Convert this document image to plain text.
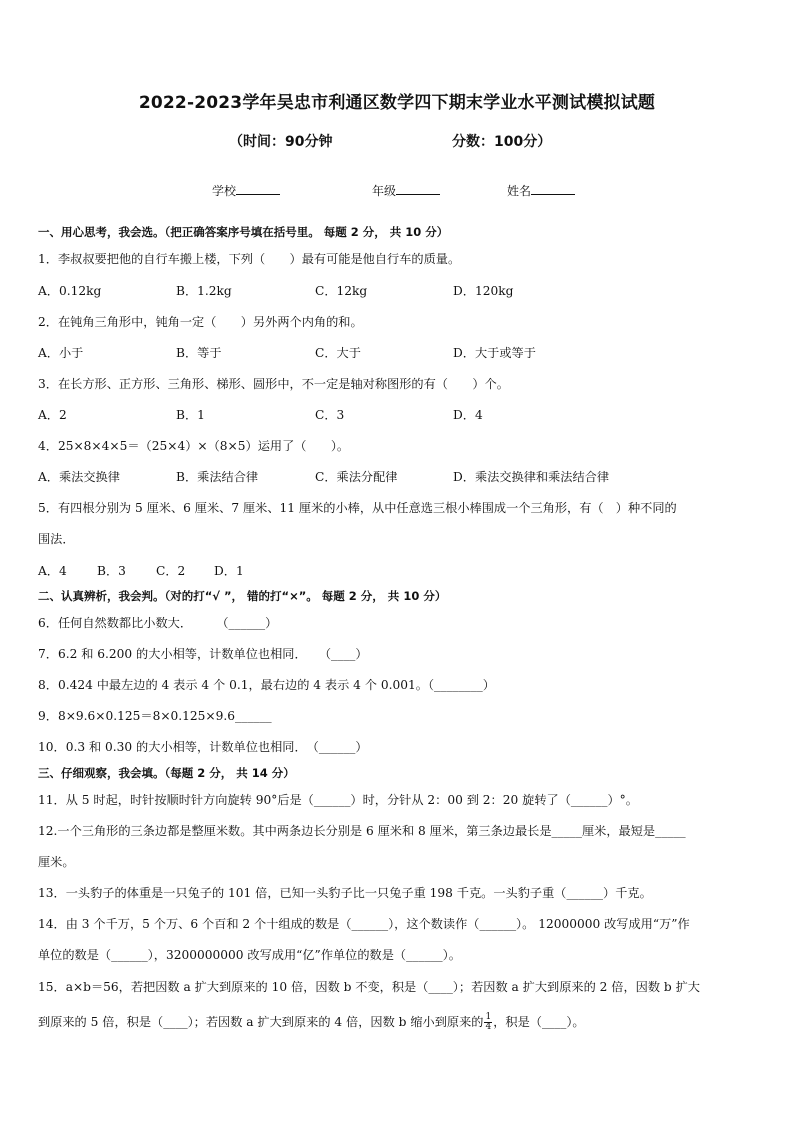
2022-2023学年吴忠市利通区数学四下期末学业水平测试模拟试题
（时间：90分钟	分数：100分）
学校	年级	姓名
一、用心思考，我会选。（把正确答案序号填在括号里。 每题 2 分， 共 10 分）
1．李叔叔要把他的自行车搬上楼，下列（　　）最有可能是他自行车的质量。
A．0.12kg	B．1.2kg	C．12kg	D．120kg
2．在钝角三角形中，钝角一定（　　）另外两个内角的和。
A．小于	B．等于	C．大于	D．大于或等于
3．在长方形、正方形、三角形、梯形、圆形中，不一定是轴对称图形的有（　　）个。
A．2	B．1	C．3	D．4
4．25×8×4×5＝（25×4）×（8×5）运用了（　　）。
A．乘法交换律	B．乘法结合律	C．乘法分配律	D．乘法交换律和乘法结合律
5．有四根分别为 5 厘米、6 厘米、7 厘米、11 厘米的小棒，从中任意选三根小棒围成一个三角形，有（　）种不同的
围法．
A．4 B．3 C．2 D．1
二、认真辨析，我会判。（对的打“√ ”， 错的打“×”。 每题 2 分， 共 10 分）
6．任何自然数都比小数大．　　　（______）
7．6.2 和 6.200 的大小相等，计数单位也相同．　　（____）
8．0.424 中最左边的 4 表示 4 个 0.1，最右边的 4 表示 4 个 0.001。（________）
9．8×9.6×0.125＝8×0.125×9.6______
10．0.3 和 0.30 的大小相等，计数单位也相同．　（______）
三、仔细观察，我会填。（每题 2 分， 共 14 分）
11．从 5 时起，时针按顺时针方向旋转 90°后是（______）时，分针从 2：00 到 2：20 旋转了（______）°。
12.一个三角形的三条边都是整厘米数。其中两条边长分别是 6 厘米和 8 厘米，第三条边最长是_____厘米，最短是_____
厘米。
13．一头豹子的体重是一只兔子的 101 倍，已知一头豹子比一只兔子重 198 千克。一头豹子重（______）千克。
14．由 3 个千万，5 个万、6 个百和 2 个十组成的数是（______），这个数读作（______）。 12000000 改写成用“万”作
单位的数是（______），3200000000 改写成用“亿”作单位的数是（______）。
15．a×b＝56，若把因数 a 扩大到原来的 10 倍，因数 b 不变，积是（____）；若因数 a 扩大到原来的 2 倍，因数 b 扩大
到原来的 5 倍，积是（____）；若因数 a 扩大到原来的 4 倍，因数 b 缩小到原来的 $\frac{1}{4}$ ，积是（____）。
